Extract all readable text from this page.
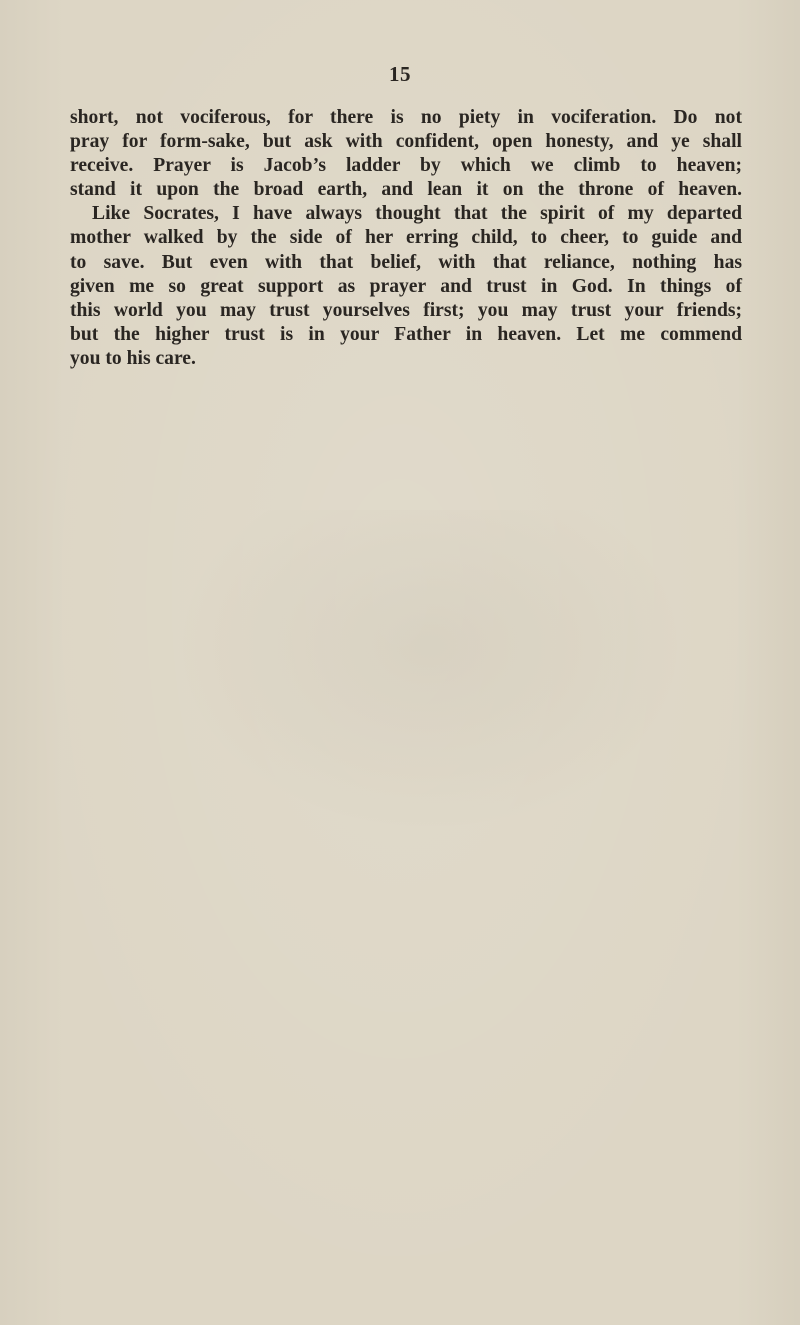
15
short, not vociferous, for there is no piety in vociferation. Do not
pray for form-sake, but ask with confident, open honesty, and ye shall
receive. Prayer is Jacob’s ladder by which we climb to heaven;
stand it upon the broad earth, and lean it on the throne of heaven.
Like Socrates, I have always thought that the spirit of my departed
mother walked by the side of her erring child, to cheer, to guide and
to save. But even with that belief, with that reliance, nothing has
given me so great support as prayer and trust in God. In things of
this world you may trust yourselves first; you may trust your friends;
but the higher trust is in your Father in heaven. Let me commend
you to his care.
